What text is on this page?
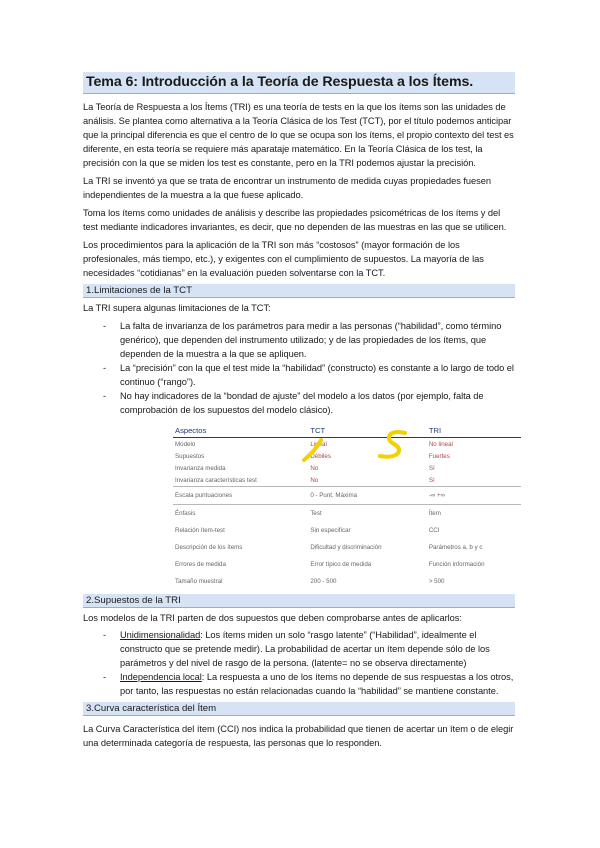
Tema 6: Introducción a la Teoría de Respuesta a los Ítems.

La Teoría de Respuesta a los Ítems (TRI) es una teoría de tests en la que los ítems son las unidades de análisis. Se plantea como alternativa a la Teoría Clásica de los Test (TCT), por el título podemos anticipar que la principal diferencia es que el centro de lo que se ocupa son los ítems, el propio contexto del test es diferente, en esta teoría se requiere más aparataje matemático. En la Teoría Clásica de los test, la precisión con la que se miden los test es constante, pero en la TRI podemos ajustar la precisión.

La TRI se inventó ya que se trata de encontrar un instrumento de medida cuyas propiedades fuesen independientes de la muestra a la que fuese aplicado.

Toma los ítems como unidades de análisis y describe las propiedades psicométricas de los ítems y del test mediante indicadores invariantes, es decir, que no dependen de las muestras en las que se utilicen.

Los procedimientos para la aplicación de la TRI son más “costosos” (mayor formación de los profesionales, más tiempo, etc.), y exigentes con el cumplimiento de supuestos. La mayoría de las necesidades “cotidianas” en la evaluación pueden solventarse con la TCT.

1.Limitaciones de la TCT

La TRI supera algunas limitaciones de la TCT:

- La falta de invarianza de los parámetros para medir a las personas (“habilidad”, como término genérico), que dependen del instrumento utilizado; y de las propiedades de los ítems, que dependen de la muestra a la que se apliquen.
- La “precisión” con la que el test mide la “habilidad” (constructo) es constante a lo largo de todo el continuo (“rango”).
- No hay indicadores de la “bondad de ajuste” del modelo a los datos (por ejemplo, falta de comprobación de los supuestos del modelo clásico).
Aspectos	TCT	TRI
Modelo	Lineal	No lineal
Supuestos	Débiles	Fuertes
Invarianza medida	No	Sí
Invarianza características test	No	Sí
Escala puntuaciones	0 - Punt. Máxima	-∞ +∞
Énfasis	Test	Ítem
Relación ítem-test	Sin especificar	CCI
Descripción de los ítems	Dificultad y discriminación	Parámetros a, b y c
Errores de medida	Error típico de medida	Función información
Tamaño muestral	200 - 500	> 500
2.Supuestos de la TRI

Los modelos de la TRI parten de dos supuestos que deben comprobarse antes de aplicarlos:

- Unidimensionalidad: Los ítems miden un solo “rasgo latente” (“Habilidad”, idealmente el constructo que se pretende medir). La probabilidad de acertar un ítem depende sólo de los parámetros y del nivel de rasgo de la persona. (latente= no se observa directamente)
- Independencia local: La respuesta a uno de los ítems no depende de sus respuestas a los otros, por tanto, las respuestas no están relacionadas cuando la “habilidad” se mantiene constante.
3.Curva característica del Ítem

La Curva Característica del ítem (CCI) nos indica la probabilidad que tienen de acertar un ítem o de elegir una determinada categoría de respuesta, las personas que lo responden.
